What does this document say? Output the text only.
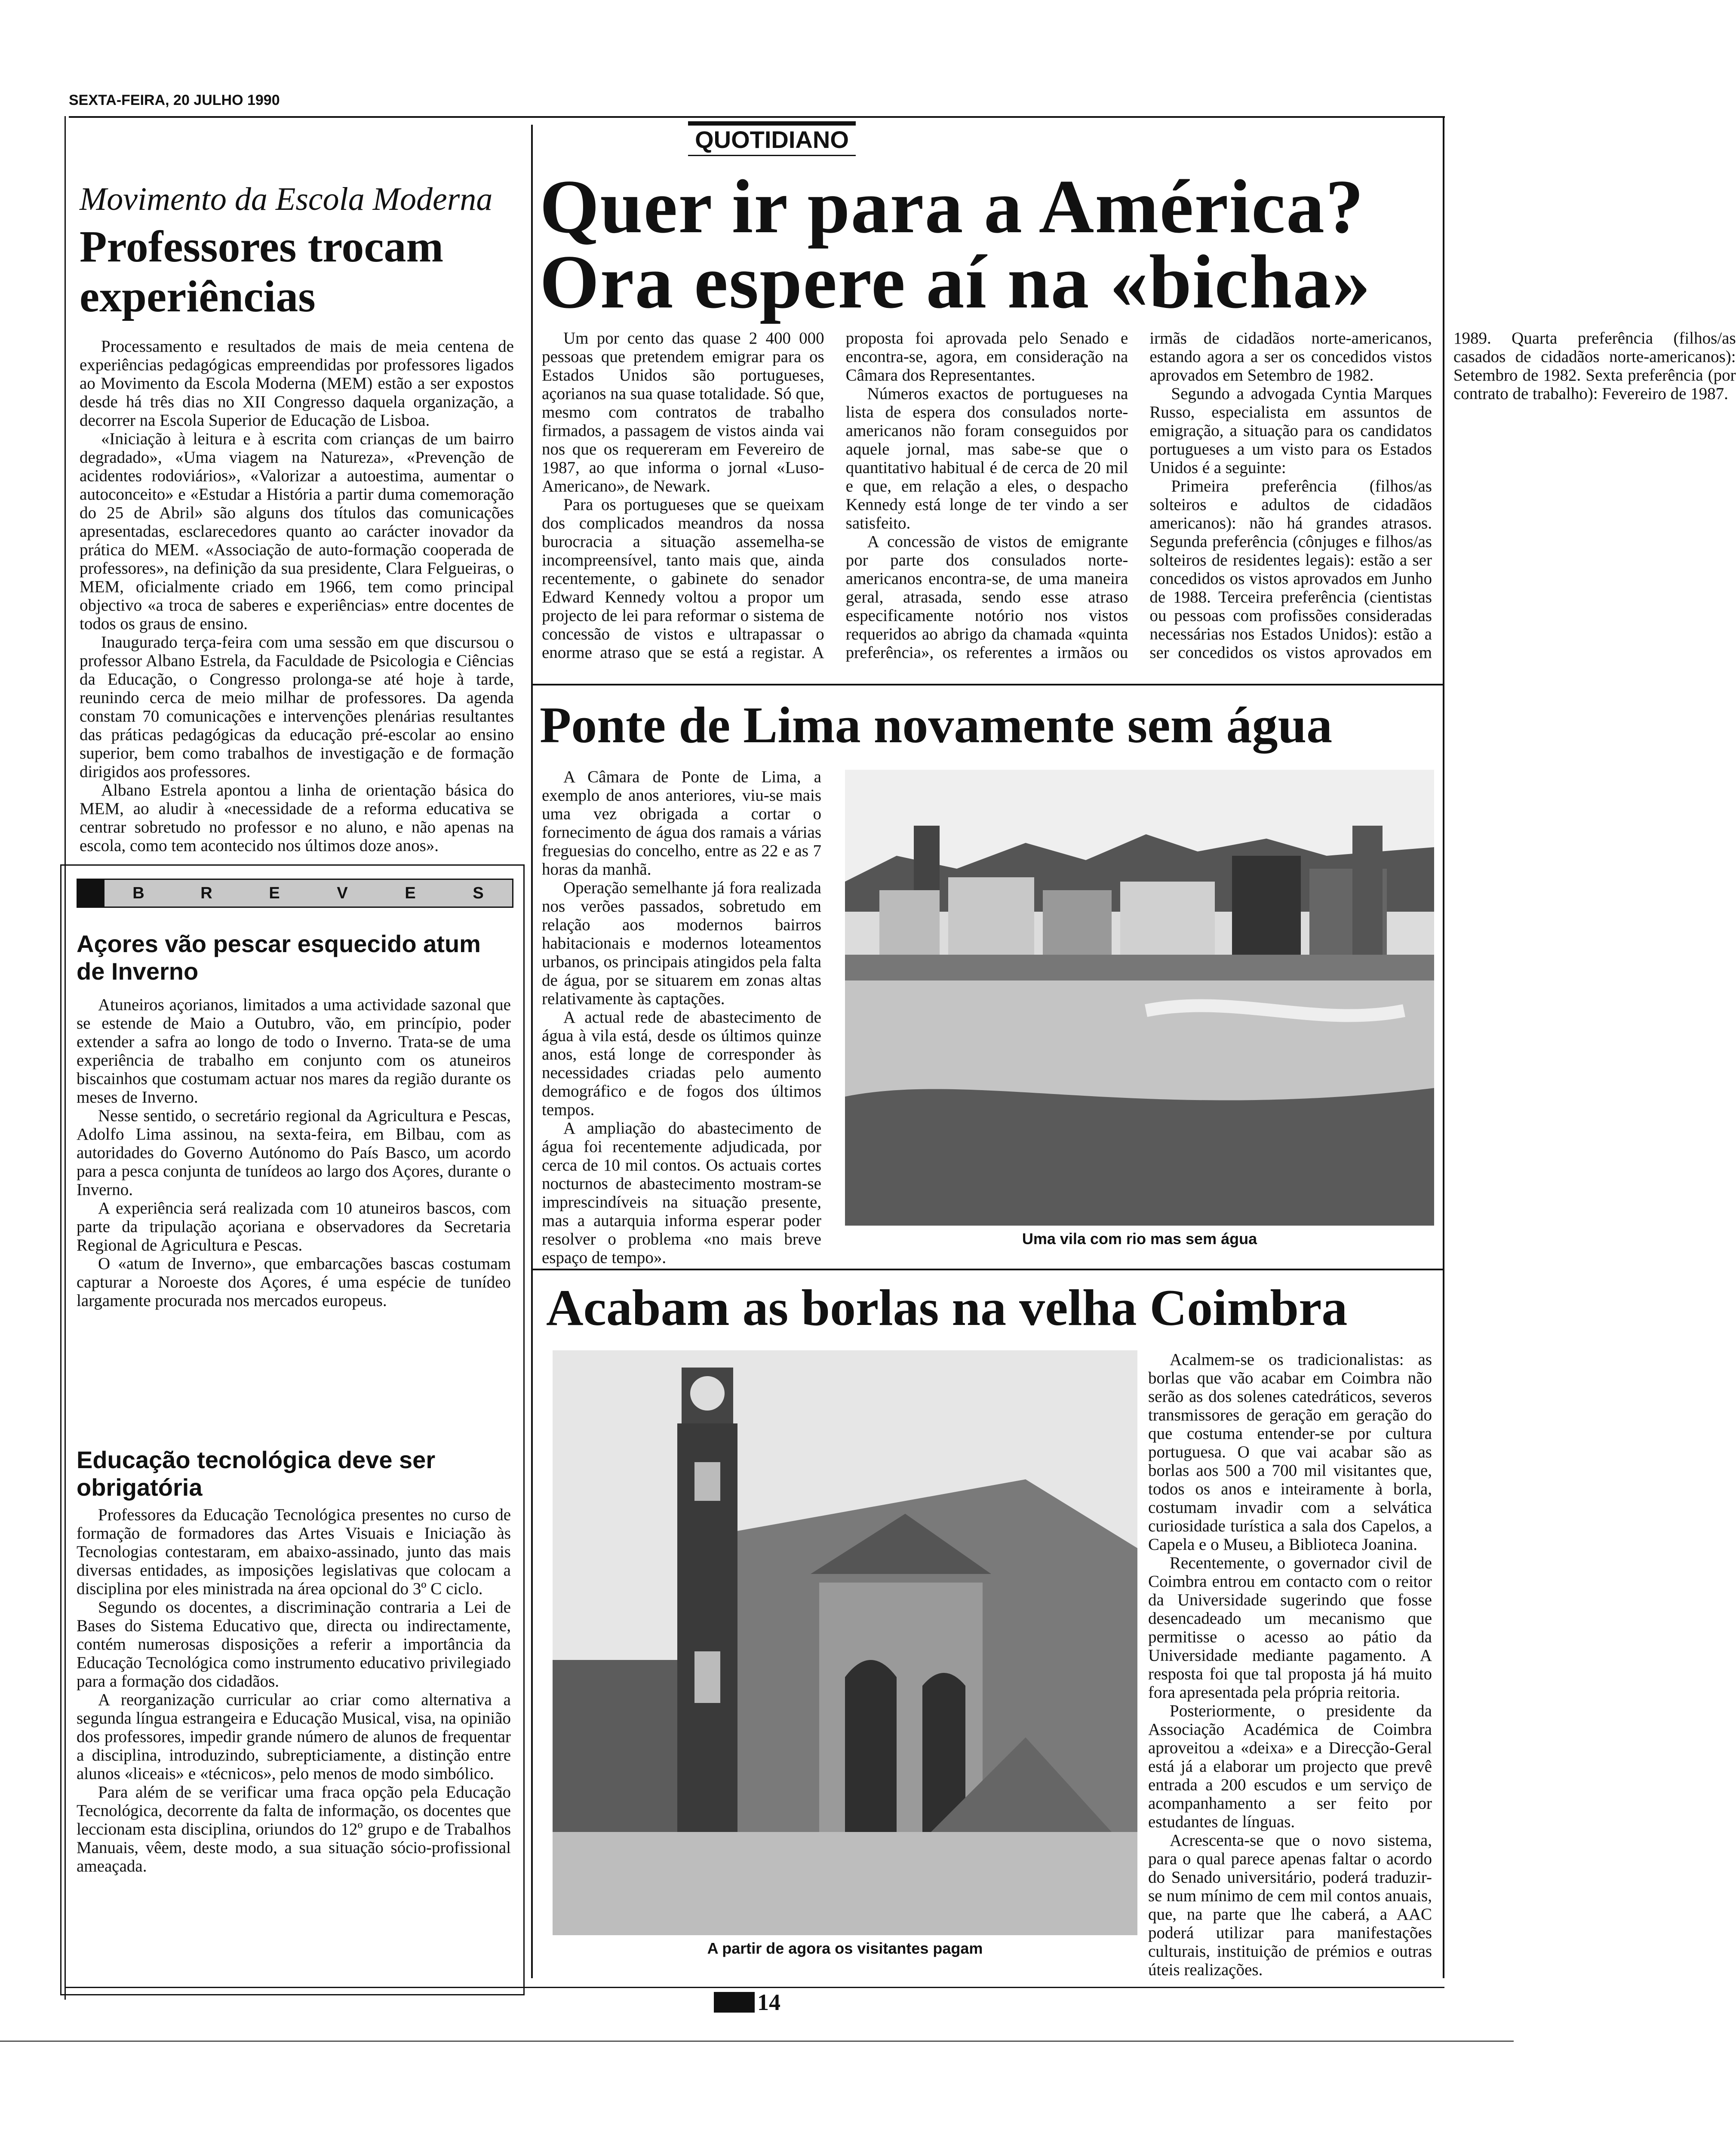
SEXTA-FEIRA, 20 JULHO 1990
Movimento da Escola Moderna
Professores trocam experiências

Processamento e resultados de mais de meia centena de experiências pedagógicas empreendidas por professores ligados ao Movimento da Escola Moderna (MEM) estão a ser expostos desde há três dias no XII Congresso daquela organização, a decorrer na Escola Superior de Educação de Lisboa.

«Iniciação à leitura e à escrita com crianças de um bairro degradado», «Uma viagem na Natureza», «Prevenção de acidentes rodoviários», «Valorizar a autoestima, aumentar o autoconceito» e «Estudar a História a partir duma comemoração do 25 de Abril» são alguns dos títulos das comunicações apresentadas, esclarecedores quanto ao carácter inovador da prática do MEM. «Associação de auto-formação cooperada de professores», na definição da sua presidente, Clara Felgueiras, o MEM, oficialmente criado em 1966, tem como principal objectivo «a troca de saberes e experiências» entre docentes de todos os graus de ensino.

Inaugurado terça-feira com uma sessão em que discursou o professor Albano Estrela, da Faculdade de Psicologia e Ciências da Educação, o Congresso prolonga-se até hoje à tarde, reunindo cerca de meio milhar de professores. Da agenda constam 70 comunicações e intervenções plenárias resultantes das práticas pedagógicas da educação pré-escolar ao ensino superior, bem como trabalhos de investigação e de formação dirigidos aos professores.

Albano Estrela apontou a linha de orientação básica do MEM, ao aludir à «necessidade de a reforma educativa se centrar sobretudo no professor e no aluno, e não apenas na escola, como tem acontecido nos últimos doze anos».

B	R	E	V	E	S
Açores vão pescar esquecido atum de Inverno

Atuneiros açorianos, limitados a uma actividade sazonal que se estende de Maio a Outubro, vão, em princípio, poder extender a safra ao longo de todo o Inverno. Trata-se de uma experiência de trabalho em conjunto com os atuneiros biscainhos que costumam actuar nos mares da região durante os meses de Inverno.

Nesse sentido, o secretário regional da Agricultura e Pescas, Adolfo Lima assinou, na sexta-feira, em Bilbau, com as autoridades do Governo Autónomo do País Basco, um acordo para a pesca conjunta de tunídeos ao largo dos Açores, durante o Inverno.

A experiência será realizada com 10 atuneiros bascos, com parte da tripulação açoriana e observadores da Secretaria Regional de Agricultura e Pescas.

O «atum de Inverno», que embarcações bascas costumam capturar a Noroeste dos Açores, é uma espécie de tunídeo largamente procurada nos mercados europeus.

Educação tecnológica deve ser obrigatória

Professores da Educação Tecnológica presentes no curso de formação de formadores das Artes Visuais e Iniciação às Tecnologias contestaram, em abaixo-assinado, junto das mais diversas entidades, as imposições legislativas que colocam a disciplina por eles ministrada na área opcional do 3º C ciclo.

Segundo os docentes, a discriminação contraria a Lei de Bases do Sistema Educativo que, directa ou indirectamente, contém numerosas disposições a referir a importância da Educação Tecnológica como instrumento educativo privilegiado para a formação dos cidadãos.

A reorganização curricular ao criar como alternativa a segunda língua estrangeira e Educação Musical, visa, na opinião dos professores, impedir grande número de alunos de frequentar a disciplina, introduzindo, subrepticiamente, a distinção entre alunos «liceais» e «técnicos», pelo menos de modo simbólico.

Para além de se verificar uma fraca opção pela Educação Tecnológica, decorrente da falta de informação, os docentes que leccionam esta disciplina, oriundos do 12º grupo e de Trabalhos Manuais, vêem, deste modo, a sua situação sócio-profissional ameaçada.

QUOTIDIANO
Quer ir para a América?
Ora espere aí na «bicha»

Um por cento das quase 2 400 000 pessoas que pretendem emigrar para os Estados Unidos são portugueses, açorianos na sua quase totalidade. Só que, mesmo com contratos de trabalho firmados, a passagem de vistos ainda vai nos que os requereram em Fevereiro de 1987, ao que informa o jornal «Luso-Americano», de Newark.

Para os portugueses que se queixam dos complicados meandros da nossa burocracia a situação assemelha-se incompreensível, tanto mais que, ainda recentemente, o gabinete do senador Edward Kennedy voltou a propor um projecto de lei para reformar o sistema de concessão de vistos e ultrapassar o enorme atraso que se está a registar. A proposta foi aprovada pelo Senado e encontra-se, agora, em consideração na Câmara dos Representantes.

Números exactos de portugueses na lista de espera dos consulados norte-americanos não foram conseguidos por aquele jornal, mas sabe-se que o quantitativo habitual é de cerca de 20 mil e que, em relação a eles, o despacho Kennedy está longe de ter vindo a ser satisfeito.

A concessão de vistos de emigrante por parte dos consulados norte-americanos encontra-se, de uma maneira geral, atrasada, sendo esse atraso especificamente notório nos vistos requeridos ao abrigo da chamada «quinta preferência», os referentes a irmãos ou irmãs de cidadãos norte-americanos, estando agora a ser os concedidos vistos aprovados em Setembro de 1982.

Segundo a advogada Cyntia Marques Russo, especialista em assuntos de emigração, a situação para os candidatos portugueses a um visto para os Estados Unidos é a seguinte:

Primeira preferência (filhos/as solteiros e adultos de cidadãos americanos): não há grandes atrasos. Segunda preferência (cônjuges e filhos/as solteiros de residentes legais): estão a ser concedidos os vistos aprovados em Junho de 1988. Terceira preferência (cientistas ou pessoas com profissões consideradas necessárias nos Estados Unidos): estão a ser concedidos os vistos aprovados em 1989. Quarta preferência (filhos/as casados de cidadãos norte-americanos): Setembro de 1982. Sexta preferência (por contrato de trabalho): Fevereiro de 1987.

Ponte de Lima novamente sem água

A Câmara de Ponte de Lima, a exemplo de anos anteriores, viu-se mais uma vez obrigada a cortar o fornecimento de água dos ramais a várias freguesias do concelho, entre as 22 e as 7 horas da manhã.

Operação semelhante já fora realizada nos verões passados, sobretudo em relação aos modernos bairros habitacionais e modernos loteamentos urbanos, os principais atingidos pela falta de água, por se situarem em zonas altas relativamente às captações.

A actual rede de abastecimento de água à vila está, desde os últimos quinze anos, está longe de corresponder às necessidades criadas pelo aumento demográfico e de fogos dos últimos tempos.

A ampliação do abastecimento de água foi recentemente adjudicada, por cerca de 10 mil contos. Os actuais cortes nocturnos de abastecimento mostram-se imprescindíveis na situação presente, mas a autarquia informa esperar poder resolver o problema «no mais breve espaço de tempo».

Uma vila com rio mas sem água
Acabam as borlas na velha Coimbra
A partir de agora os visitantes pagam

Acalmem-se os tradicionalistas: as borlas que vão acabar em Coimbra não serão as dos solenes catedráticos, severos transmissores de geração em geração do que costuma entender-se por cultura portuguesa. O que vai acabar são as borlas aos 500 a 700 mil visitantes que, todos os anos e inteiramente à borla, costumam invadir com a selvática curiosidade turística a sala dos Capelos, a Capela e o Museu, a Biblioteca Joanina.

Recentemente, o governador civil de Coimbra entrou em contacto com o reitor da Universidade sugerindo que fosse desencadeado um mecanismo que permitisse o acesso ao pátio da Universidade mediante pagamento. A resposta foi que tal proposta já há muito fora apresentada pela própria reitoria.

Posteriormente, o presidente da Associação Académica de Coimbra aproveitou a «deixa» e a Direcção-Geral está já a elaborar um projecto que prevê entrada a 200 escudos e um serviço de acompanhamento a ser feito por estudantes de línguas.

Acrescenta-se que o novo sistema, para o qual parece apenas faltar o acordo do Senado universitário, poderá traduzir-se num mínimo de cem mil contos anuais, que, na parte que lhe caberá, a AAC poderá utilizar para manifestações culturais, instituição de prémios e outras úteis realizações.

14
